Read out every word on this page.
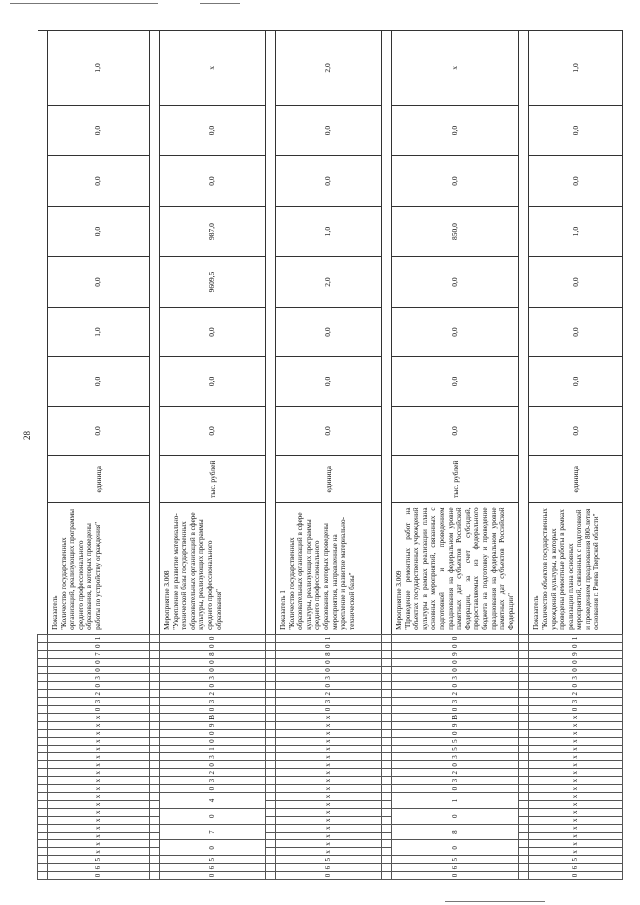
28

0	6	5	х	х	х	х	х	х	х	х	х	х	х	х	х	х	х	х	х	х	0	3	2	0	3	0	0	7	0	1	Показатель
"Количество государственных организаций, реализующих программы среднего профессионального образования, в которых проведены работы по устройству ограждения"	единица	0,0	0,0	1,0	0,0	0,0	0,0	0,0	1,0

0	6	5	0		7		0		4		0	3	2	0	3	1	0	0	9	В	0	3	2	0	3	0	0	8	0	0	Мероприятие 3.008
"Укрепление и развитие материально-технической базы государственных образовательных организаций в сфере культуры, реализующих программы среднего профессионального образования"	тыс. рублей	0,0	0,0	0,0	9609,5	987,0	0,0	0,0	х

0	6	5	х	х	х	х	х	х	х	х	х	х	х	х	х	х	х	х	х	х	0	3	2	0	3	0	0	8	0	1	Показатель 1
"Количество государственных образовательных организаций в сфере культуры, реализующих программы среднего профессионального образования, в которых проведены мероприятия, направленные на укрепление и развитие материально-технической базы"	единица	0,0	0,0	0,0	2,0	1,0	0,0	0,0	2,0

0	6	5	0		8		0		1		0	3	2	0	3	5	5	0	9	В	0	3	2	0	3	0	0	9	0	0	Мероприятие 3.009
"Проведение ремонтных работ на объектах государственных учреждений культуры в рамках реализации плана основных мероприятий, связанных с подготовкой и проведением празднования на федеральном уровне памятных дат субъектов Российской Федерации, за счет субсидий, предоставляемых из федерального бюджета на подготовку и проведение празднования на федеральном уровне памятных дат субъектов Российской Федерации"	тыс. рублей	0,0	0,0	0,0	0,0	850,0	0,0	0,0	х

0	6	5	х	х	х	х	х	х	х	х	х	х	х	х	х	х	х	х	х	х	0	3	2	0	3	0	0	9	0	1	Показатель
"Количество объектов государственных учреждений культуры, в которых проведены ремонтные работы в рамках реализации плана основных мероприятий, связанных с подготовкой и проведением празднования 800-летия основания г. Ржева Тверской области"	единица	0,0	0,0	0,0	0,0	1,0	0,0	0,0	1,0
